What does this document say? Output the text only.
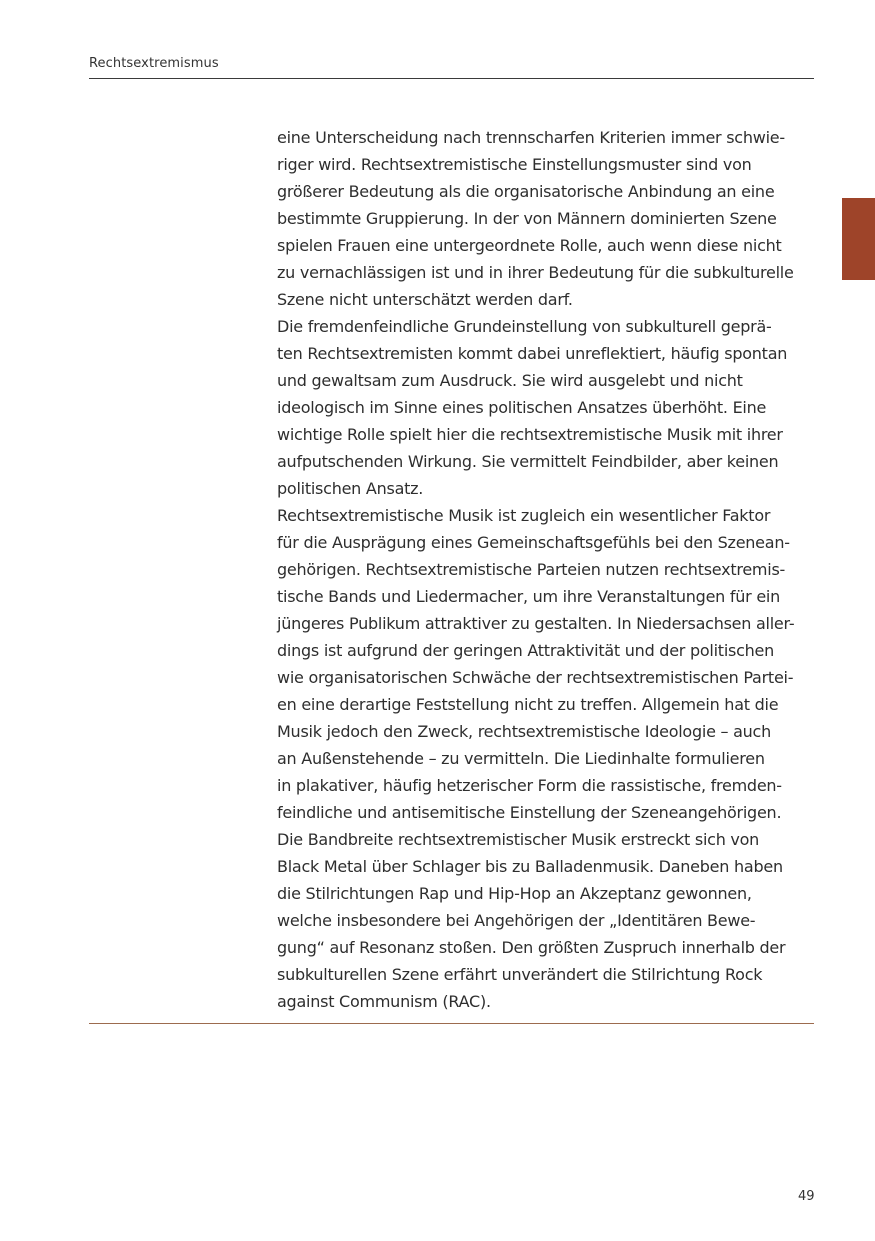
Rechtsextremismus
eine Unterscheidung nach trennscharfen Kriterien immer schwie-
riger wird. Rechtsextremistische Einstellungsmuster sind von
größerer Bedeutung als die organisatorische Anbindung an eine
bestimmte Gruppierung. In der von Männern dominierten Szene
spielen Frauen eine untergeordnete Rolle, auch wenn diese nicht
zu vernachlässigen ist und in ihrer Bedeutung für die subkulturelle
Szene nicht unterschätzt werden darf.
Die fremdenfeindliche Grundeinstellung von subkulturell geprä-
ten Rechtsextremisten kommt dabei unreflektiert, häufig spontan
und gewaltsam zum Ausdruck. Sie wird ausgelebt und nicht
ideologisch im Sinne eines politischen Ansatzes überhöht. Eine
wichtige Rolle spielt hier die rechtsextremistische Musik mit ihrer
aufputschenden Wirkung. Sie vermittelt Feindbilder, aber keinen
politischen Ansatz.
Rechtsextremistische Musik ist zugleich ein wesentlicher Faktor
für die Ausprägung eines Gemeinschaftsgefühls bei den Szenean-
gehörigen. Rechtsextremistische Parteien nutzen rechtsextremis-
tische Bands und Liedermacher, um ihre Veranstaltungen für ein
jüngeres Publikum attraktiver zu gestalten. In Niedersachsen aller-
dings ist aufgrund der geringen Attraktivität und der politischen
wie organisatorischen Schwäche der rechtsextremistischen Partei-
en eine derartige Feststellung nicht zu treffen. Allgemein hat die
Musik jedoch den Zweck, rechtsextremistische Ideologie – auch
an Außenstehende – zu vermitteln. Die Liedinhalte formulieren
in plakativer, häufig hetzerischer Form die rassistische, fremden-
feindliche und antisemitische Einstellung der Szeneangehörigen.
Die Bandbreite rechtsextremistischer Musik erstreckt sich von
Black Metal über Schlager bis zu Balladenmusik. Daneben haben
die Stilrichtungen Rap und Hip-Hop an Akzeptanz gewonnen,
welche insbesondere bei Angehörigen der „Identitären Bewe-
gung“ auf Resonanz stoßen. Den größten Zuspruch innerhalb der
subkulturellen Szene erfährt unverändert die Stilrichtung Rock
against Communism (RAC).
49
